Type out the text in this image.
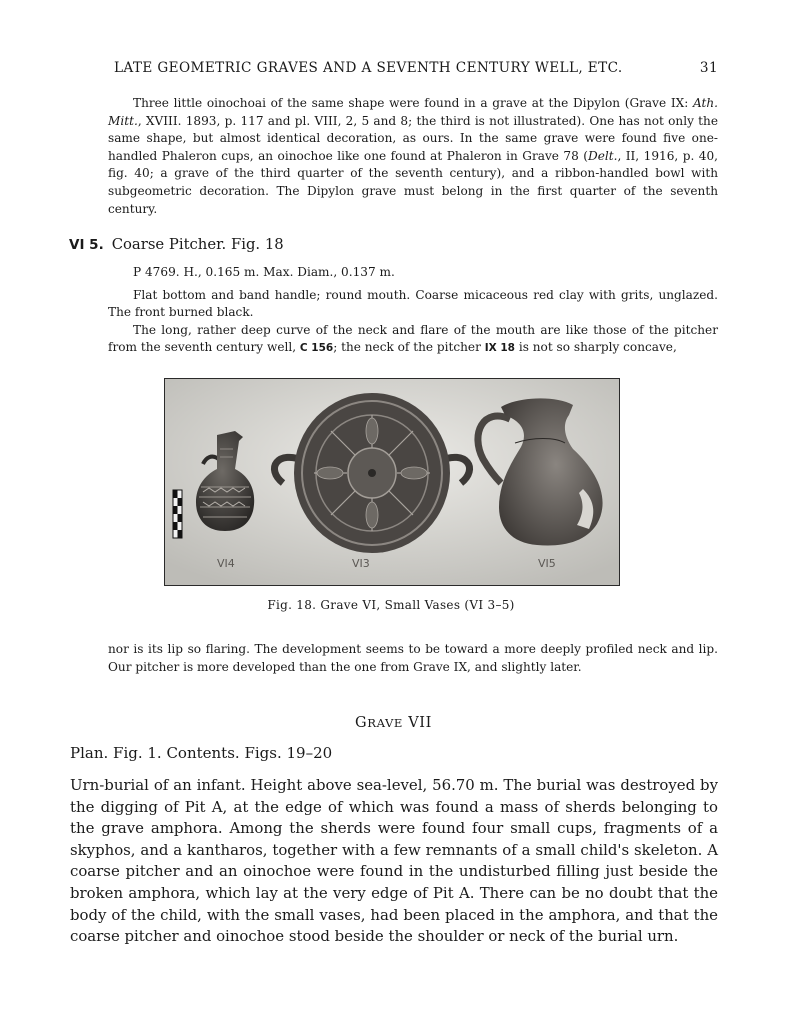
LATE GEOMETRIC GRAVES AND A SEVENTH CENTURY WELL, ETC.	31

Three little oinochoai of the same shape were found in a grave at the Dipylon (Grave IX: Ath. Mitt., XVIII. 1893, p. 117 and pl. VIII, 2, 5 and 8; the third is not illustrated). One has not only the same shape, but almost identical decoration, as ours. In the same grave were found five one-handled Phaleron cups, an oinochoe like one found at Phaleron in Grave 78 (Delt., II, 1916, p. 40, fig. 40; a grave of the third quarter of the seventh century), and a ribbon-handled bowl with subgeometric decoration. The Dipylon grave must belong in the first quarter of the seventh century.

VI 5. Coarse Pitcher. Fig. 18

P 4769. H., 0.165 m. Max. Diam., 0.137 m.

Flat bottom and band handle; round mouth. Coarse micaceous red clay with grits, unglazed. The front burned black.

The long, rather deep curve of the neck and flare of the mouth are like those of the pitcher from the seventh century well, C 156; the neck of the pitcher IX 18 is not so sharply concave,

VI4	VI3	VI5
Fig. 18. Grave VI, Small Vases (VI 3–5)

nor is its lip so flaring. The development seems to be toward a more deeply profiled neck and lip. Our pitcher is more developed than the one from Grave IX, and slightly later.

GRAVE VII
Plan. Fig. 1. Contents. Figs. 19–20

Urn-burial of an infant. Height above sea-level, 56.70 m. The burial was destroyed by the digging of Pit A, at the edge of which was found a mass of sherds belonging to the grave amphora. Among the sherds were found four small cups, fragments of a skyphos, and a kantharos, together with a few remnants of a small child's skeleton. A coarse pitcher and an oinochoe were found in the undisturbed filling just beside the broken amphora, which lay at the very edge of Pit A. There can be no doubt that the body of the child, with the small vases, had been placed in the amphora, and that the coarse pitcher and oinochoe stood beside the shoulder or neck of the burial urn.
